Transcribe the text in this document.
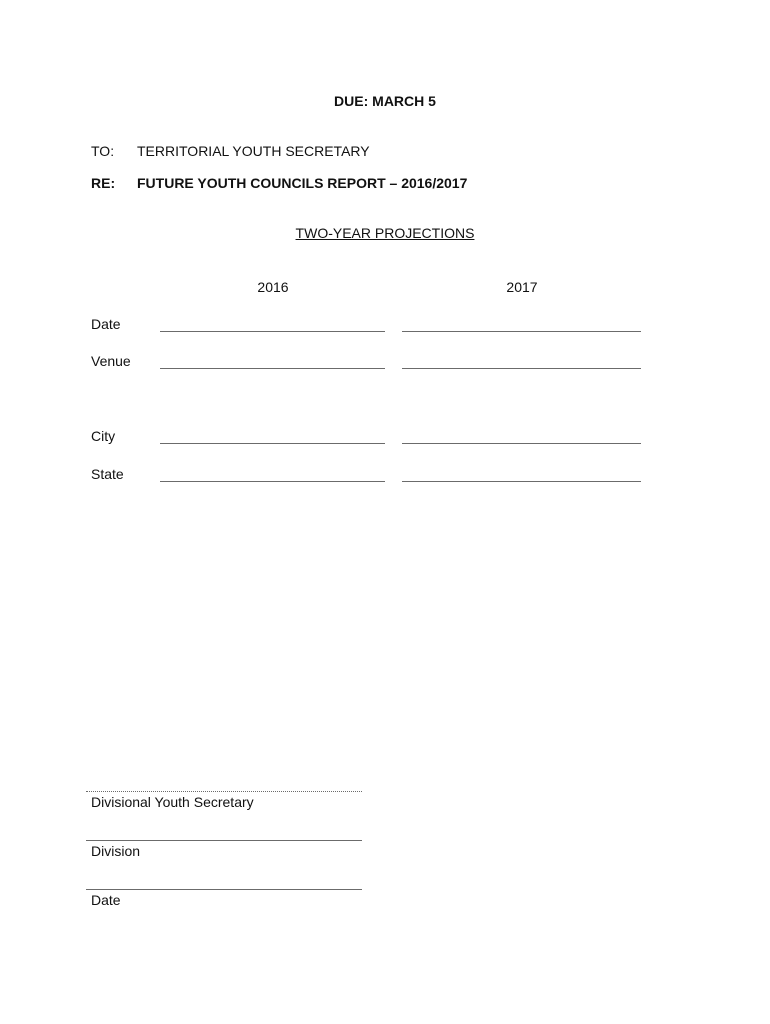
DUE: MARCH 5
TO: TERRITORIAL YOUTH SECRETARY
RE: FUTURE YOUTH COUNCILS REPORT – 2016/2017
TWO-YEAR PROJECTIONS
2016	2017
Date
Venue
City
State
Divisional Youth Secretary
Division
Date
